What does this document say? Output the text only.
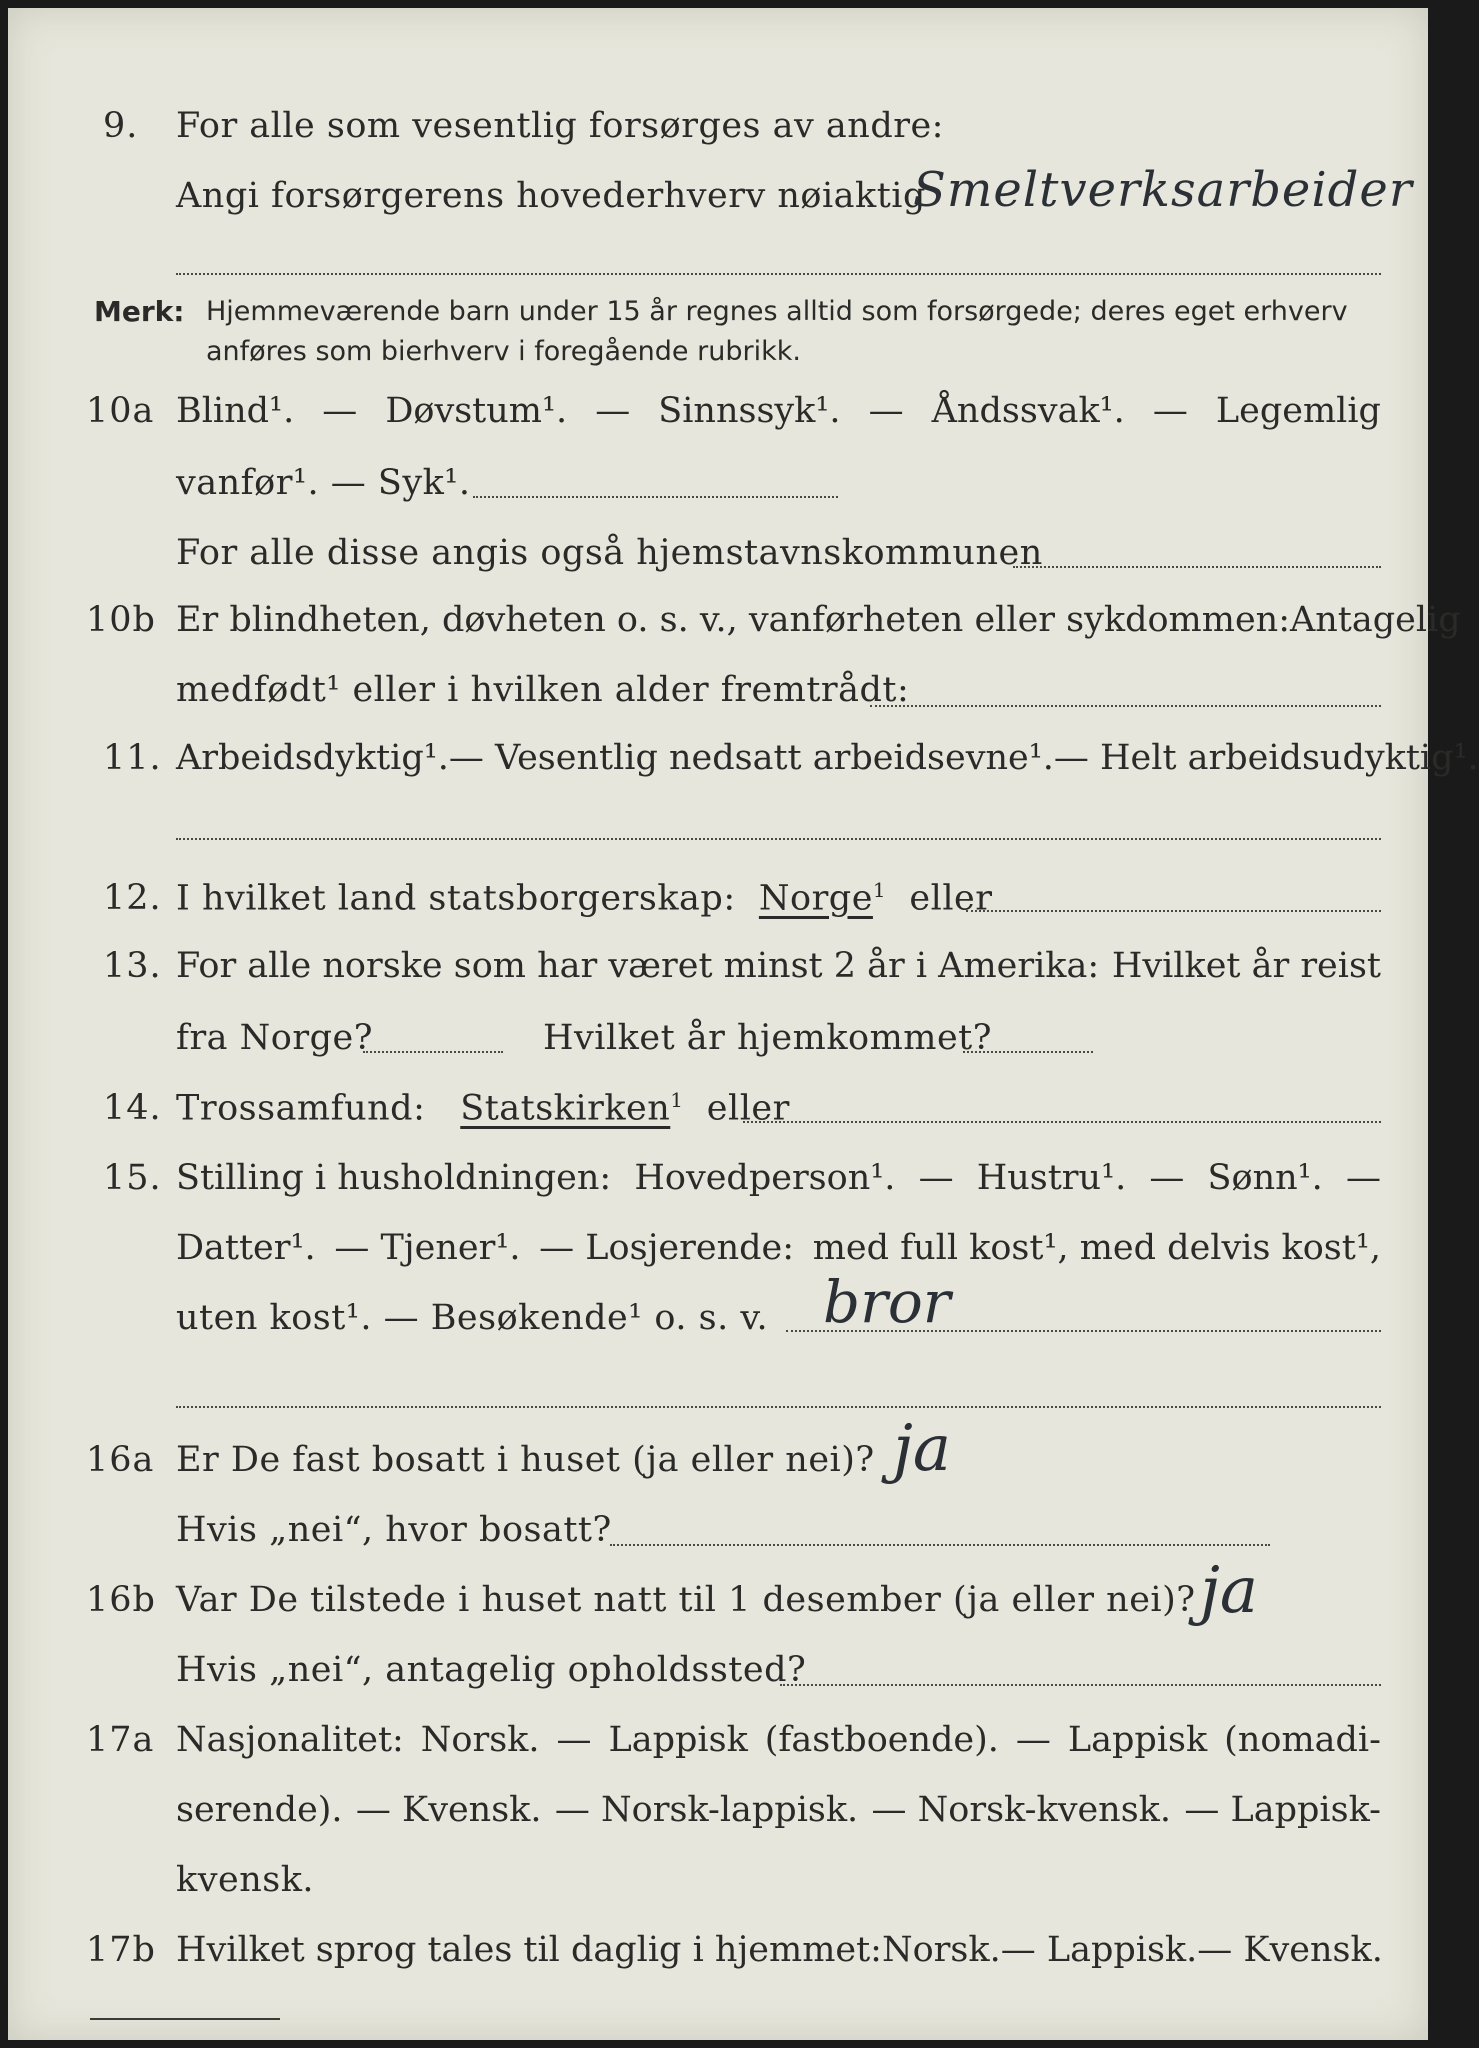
9. For alle som vesentlig forsørges av andre:
Angi forsørgerens hovederhverv nøiaktig
Smeltverksarbeider
Merk: Hjemmeværende barn under 15 år regnes alltid som forsørgede; deres eget erhverv
anføres som bierhverv i foregående rubrikk.
10a Blind¹. — Døvstum¹. — Sinnssyk¹. — Åndssvak¹. — Legemlig
vanfør¹. — Syk¹.
For alle disse angis også hjemstavnskommunen
10b Er blindheten, døvheten o. s. v., vanførheten eller sykdommen: Antagelig
medfødt¹ eller i hvilken alder fremtrådt:
11. Arbeidsdyktig¹. — Vesentlig nedsatt arbeidsevne¹. — Helt arbeidsudyktig¹.
12. I hvilket land statsborgerskap: Norge$^1$ eller
13. For alle norske som har været minst 2 år i Amerika: Hvilket år reist
fra Norge?	Hvilket år hjemkommet?
14. Trossamfund: Statskirken$^1$ eller
15. Stilling i husholdningen: Hovedperson¹. — Hustru¹. — Sønn¹. —
Datter¹. — Tjener¹. — Losjerende: med full kost¹, med delvis kost¹,
uten kost¹. — Besøkende¹ o. s. v. bror
16a Er De fast bosatt i huset (ja eller nei)? ja
Hvis „nei“, hvor bosatt?
16b Var De tilstede i huset natt til 1 desember (ja eller nei)? ja
Hvis „nei“, antagelig opholdssted?
17a Nasjonalitet: Norsk. — Lappisk (fastboende). — Lappisk (nomadi-
serende). — Kvensk. — Norsk-lappisk. — Norsk-kvensk. — Lappisk-
kvensk.
17b Hvilket sprog tales til daglig i hjemmet: Norsk. — Lappisk. — Kvensk.
